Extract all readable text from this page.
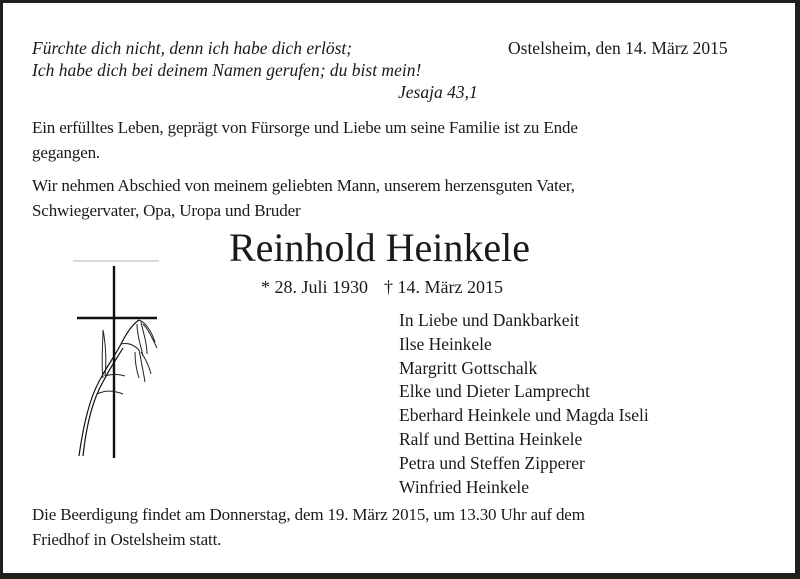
Fürchte dich nicht, denn ich habe dich erlöst;
Ich habe dich bei deinem Namen gerufen; du bist mein!
Jesaja 43,1
Ostelsheim, den 14. März 2015
Ein erfülltes Leben, geprägt von Fürsorge und Liebe um seine Familie ist zu Ende
gegangen.
Wir nehmen Abschied von meinem geliebten Mann, unserem herzensguten Vater,
Schwiegervater, Opa, Uropa und Bruder
Reinhold Heinkele
* 28. Juli 1930 † 14. März 2015
In Liebe und Dankbarkeit
Ilse Heinkele
Margritt Gottschalk
Elke und Dieter Lamprecht
Eberhard Heinkele und Magda Iseli
Ralf und Bettina Heinkele
Petra und Steffen Zipperer
Winfried Heinkele
Die Beerdigung findet am Donnerstag, dem 19. März 2015, um 13.30 Uhr auf dem
Friedhof in Ostelsheim statt.
